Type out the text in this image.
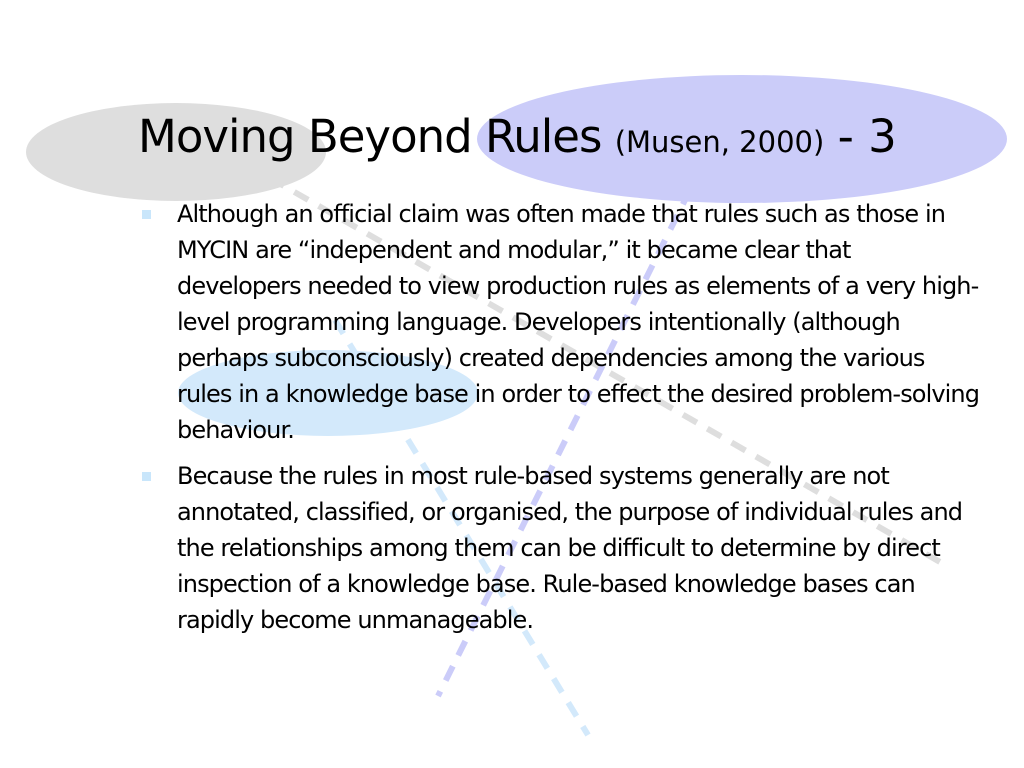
Moving Beyond Rules (Musen, 2000) - 3
Although an official claim was often made that rules such as those in MYCIN are “independent and modular,” it became clear that developers needed to view production rules as elements of a very high-level programming language. Developers intentionally (although perhaps subconsciously) created dependencies among the various rules in a knowledge base in order to effect the desired problem-solving behaviour.
Because the rules in most rule-based systems generally are not annotated, classified, or organised, the purpose of individual rules and the relationships among them can be difficult to determine by direct inspection of a knowledge base. Rule-based knowledge bases can rapidly become unmanageable.
